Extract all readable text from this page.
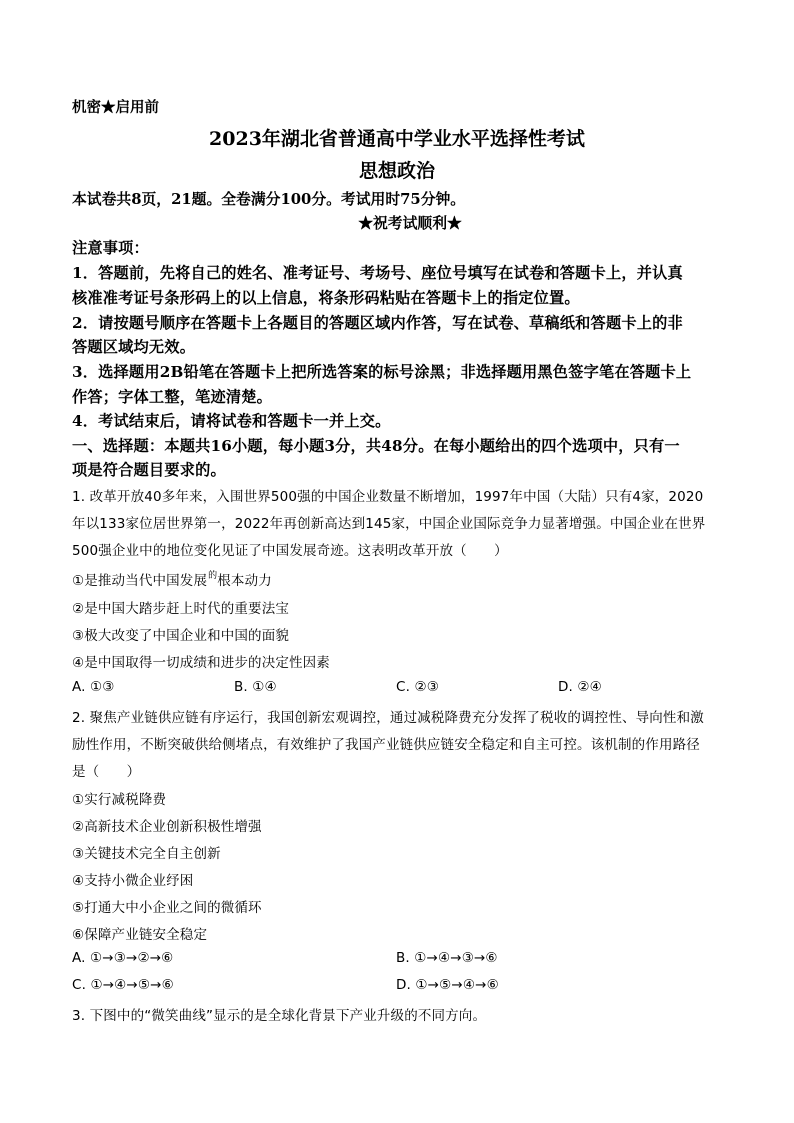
机密★启用前
2023年湖北省普通高中学业水平选择性考试
思想政治
本试卷共8页，21题。全卷满分100分。考试用时75分钟。
★祝考试顺利★
注意事项：
1．答题前，先将自己的姓名、准考证号、考场号、座位号填写在试卷和答题卡上，并认真
核准准考证号条形码上的以上信息，将条形码粘贴在答题卡上的指定位置。
2．请按题号顺序在答题卡上各题目的答题区域内作答，写在试卷、草稿纸和答题卡上的非
答题区域均无效。
3．选择题用2B铅笔在答题卡上把所选答案的标号涂黑；非选择题用黑色签字笔在答题卡上
作答；字体工整，笔迹清楚。
4．考试结束后，请将试卷和答题卡一并上交。
一、选择题：本题共16小题，每小题3分，共48分。在每小题给出的四个选项中，只有一
项是符合题目要求的。
1. 改革开放40多年来，入围世界500强的中国企业数量不断增加，1997年中国（大陆）只有4家，2020
年以133家位居世界第一，2022年再创新高达到145家，中国企业国际竞争力显著增强。中国企业在世界
500强企业中的地位变化见证了中国发展奇迹。这表明改革开放（　　）
①是推动当代中国发展$^的$根本动力
②是中国大踏步赶上时代的重要法宝
③极大改变了中国企业和中国的面貌
④是中国取得一切成绩和进步的决定性因素
A. ①③	B. ①④	C. ②③	D. ②④
2. 聚焦产业链供应链有序运行，我国创新宏观调控，通过减税降费充分发挥了税收的调控性、导向性和激
励性作用，不断突破供给侧堵点，有效维护了我国产业链供应链安全稳定和自主可控。该机制的作用路径
是（　　）
①实行减税降费
②高新技术企业创新积极性增强
③关键技术完全自主创新
④支持小微企业纾困
⑤打通大中小企业之间的微循环
⑥保障产业链安全稳定
A. ①→③→②→⑥	B. ①→④→③→⑥
C. ①→④→⑤→⑥	D. ①→⑤→④→⑥
3. 下图中的“微笑曲线”显示的是全球化背景下产业升级的不同方向。
